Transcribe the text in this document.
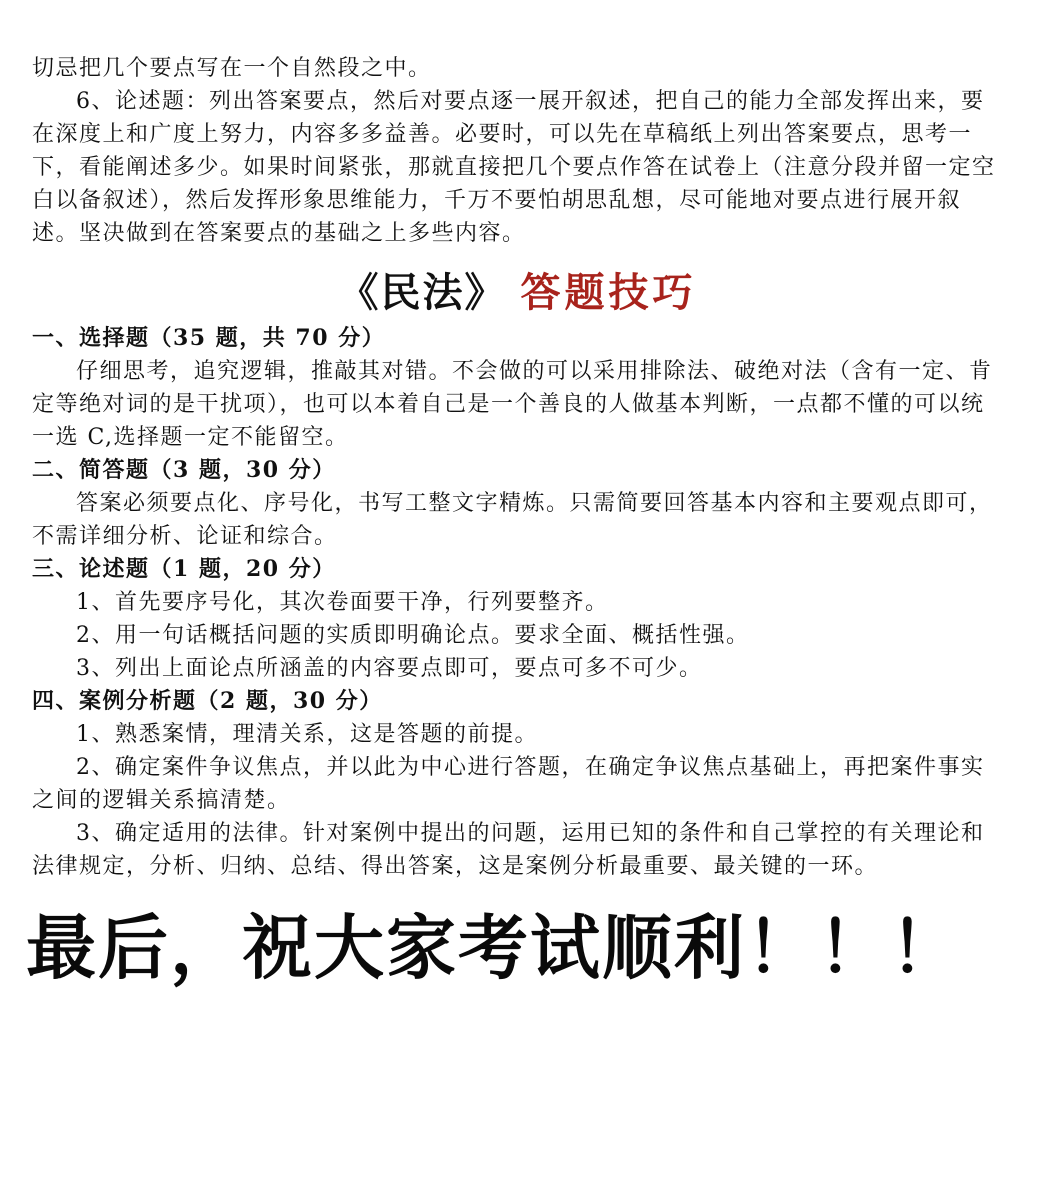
切忌把几个要点写在一个自然段之中。

6、论述题：列出答案要点，然后对要点逐一展开叙述，把自己的能力全部发挥出来，要在深度上和广度上努力，内容多多益善。必要时，可以先在草稿纸上列出答案要点，思考一下，看能阐述多少。如果时间紧张，那就直接把几个要点作答在试卷上（注意分段并留一定空白以备叙述），然后发挥形象思维能力，千万不要怕胡思乱想，尽可能地对要点进行展开叙述。坚决做到在答案要点的基础之上多些内容。

《民法》 答题技巧

一、选择题（35 题，共 70 分）

仔细思考，追究逻辑，推敲其对错。不会做的可以采用排除法、破绝对法（含有一定、肯定等绝对词的是干扰项），也可以本着自己是一个善良的人做基本判断，一点都不懂的可以统一选 C,选择题一定不能留空。

二、简答题（3 题，30 分）

答案必须要点化、序号化，书写工整文字精炼。只需简要回答基本内容和主要观点即可，不需详细分析、论证和综合。

三、论述题（1 题，20 分）

1、首先要序号化，其次卷面要干净，行列要整齐。

2、用一句话概括问题的实质即明确论点。要求全面、概括性强。

3、列出上面论点所涵盖的内容要点即可，要点可多不可少。

四、案例分析题（2 题，30 分）

1、熟悉案情，理清关系，这是答题的前提。

2、确定案件争议焦点，并以此为中心进行答题，在确定争议焦点基础上，再把案件事实之间的逻辑关系搞清楚。

3、确定适用的法律。针对案例中提出的问题，运用已知的条件和自己掌控的有关理论和法律规定，分析、归纳、总结、得出答案，这是案例分析最重要、最关键的一环。

最后，祝大家考试顺利！！！
